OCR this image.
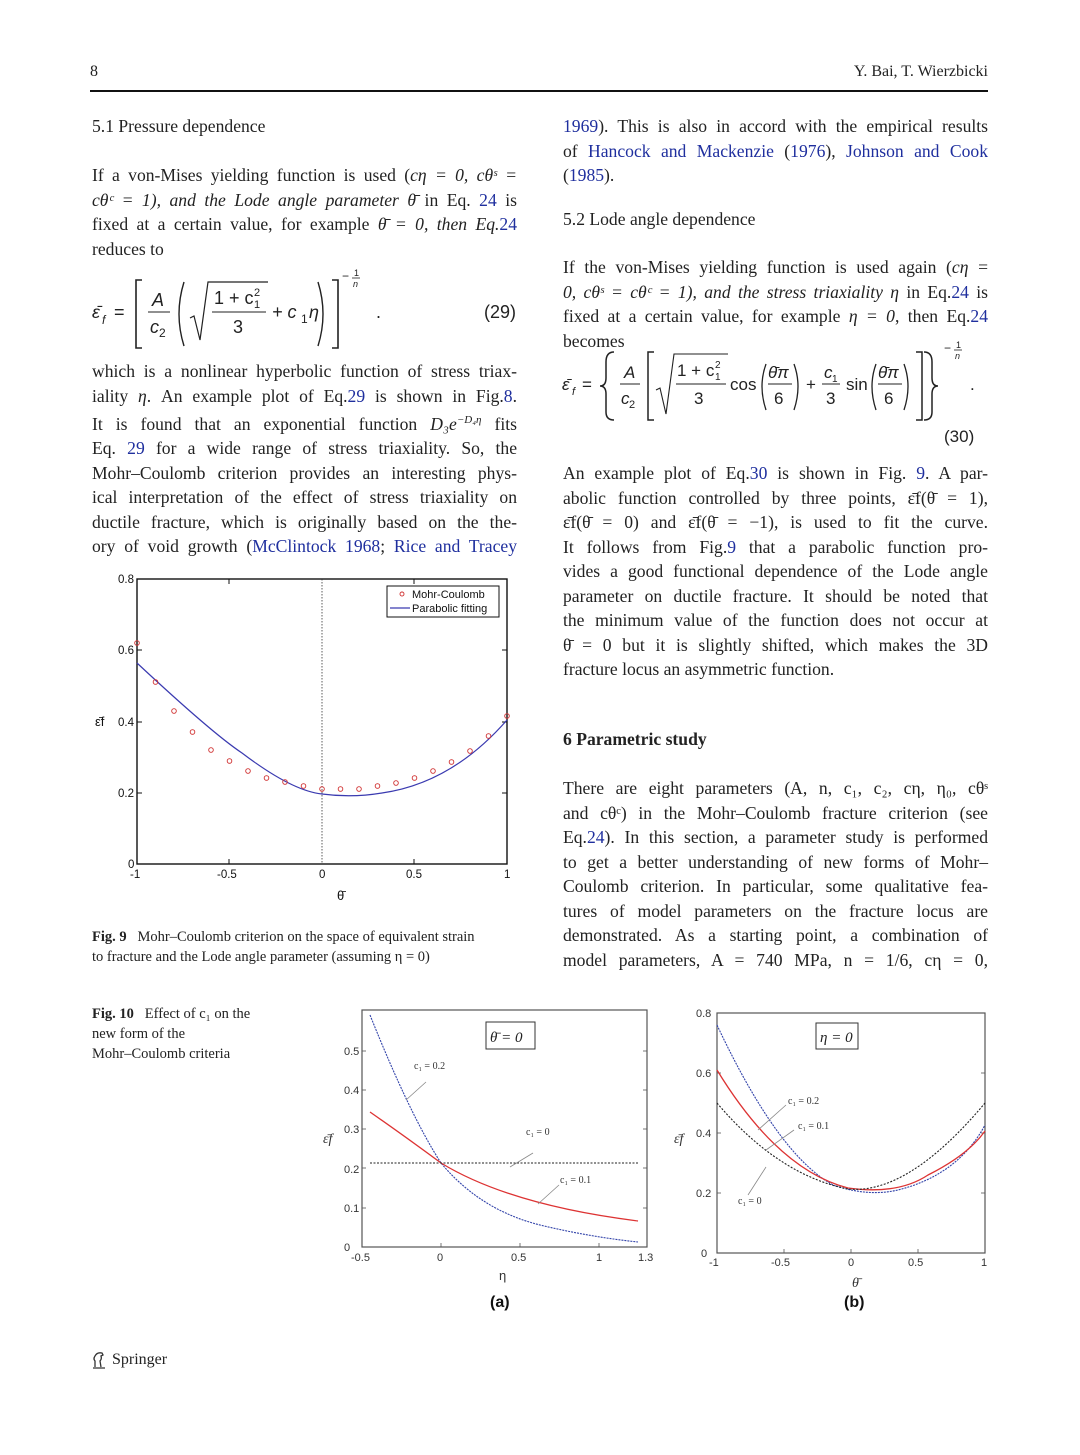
8	Y. Bai, T. Wierzbicki
5.1 Pressure dependence

If a von-Mises yielding function is used (cη = 0, cθˢ =

cθᶜ = 1), and the Lode angle parameter θ̄ in Eq. 24 is

fixed at a certain value, for example θ̄ = 0, then Eq.24

reduces to

ε̄ f =
A
c 2
1 + c 2
1
3
+ c 1 η
− 1
n
.	(29)

which is a nonlinear hyperbolic function of stress triax-

iality η. An example plot of Eq.29 is shown in Fig.8.

It is found that an exponential function $D_3e^{-D_4\eta}$ fits

Eq. 29 for a wide range of stress triaxiality. So, the

Mohr–Coulomb criterion provides an interesting phys-

ical interpretation of the effect of stress triaxiality on

ductile fracture, which is originally based on the the-

ory of void growth (McClintock 1968; Rice and Tracey

0.8
0.6
0.4
0.2
0
-1	-0.5	0	0.5	1
θ̄
ε̄f
Mohr-Coulomb
Parabolic fitting
Fig. 9 Mohr–Coulomb criterion on the space of equivalent strain
to fracture and the Lode angle parameter (assuming η = 0)

1969). This is also in accord with the empirical results

of Hancock and Mackenzie (1976), Johnson and Cook

(1985).

5.2 Lode angle dependence

If the von-Mises yielding function is used again (cη =

0, cθˢ = cθᶜ = 1), and the stress triaxiality η in Eq.24 is

fixed at a certain value, for example η = 0, then Eq.24

becomes

ε̄ f =
A
c 2
1 + c 2
1
3
cos
θ̄π
6
+
c 1
3
sin
θ̄π
6
− 1
n
.
(30)

An example plot of Eq.30 is shown in Fig. 9. A par-

abolic function controlled by three points, ε̄f(θ̄ = 1),

ε̄f(θ̄ = 0) and ε̄f(θ̄ = −1), is used to fit the curve.

It follows from Fig.9 that a parabolic function pro-

vides a good functional dependence of the Lode angle

parameter on ductile fracture. It should be noted that

the minimum value of the function does not occur at

θ̄ = 0 but it is slightly shifted, which makes the 3D

fracture locus an asymmetric function.

6 Parametric study

There are eight parameters (A, n, c₁, c₂, cη, η₀, cθˢ

and cθᶜ) in the Mohr–Coulomb fracture criterion (see

Eq.24). In this section, a parameter study is performed

to get a better understanding of new forms of Mohr–

Coulomb criterion. In particular, some qualitative fea-

tures of model parameters on the fracture locus are

demonstrated. As a starting point, a combination of

model parameters, A = 740 MPa, n = 1/6, cη = 0,

Fig. 10 Effect of c₁ on the
new form of the
Mohr–Coulomb criteria
θ̄ = 0
c₁ = 0.2
c₁ = 0
c₁ = 0.1
0
0.1
0.2
0.3
0.4
0.5
-0.5	0	0.5	1	1.3
η
ε̄f
(a)
η = 0
c₁ = 0.2
c₁ = 0.1
c₁ = 0
0
0.2
0.4
0.6
0.8
-1	-0.5	0	0.5	1
θ̄
ε̄f
(b)
Springer
